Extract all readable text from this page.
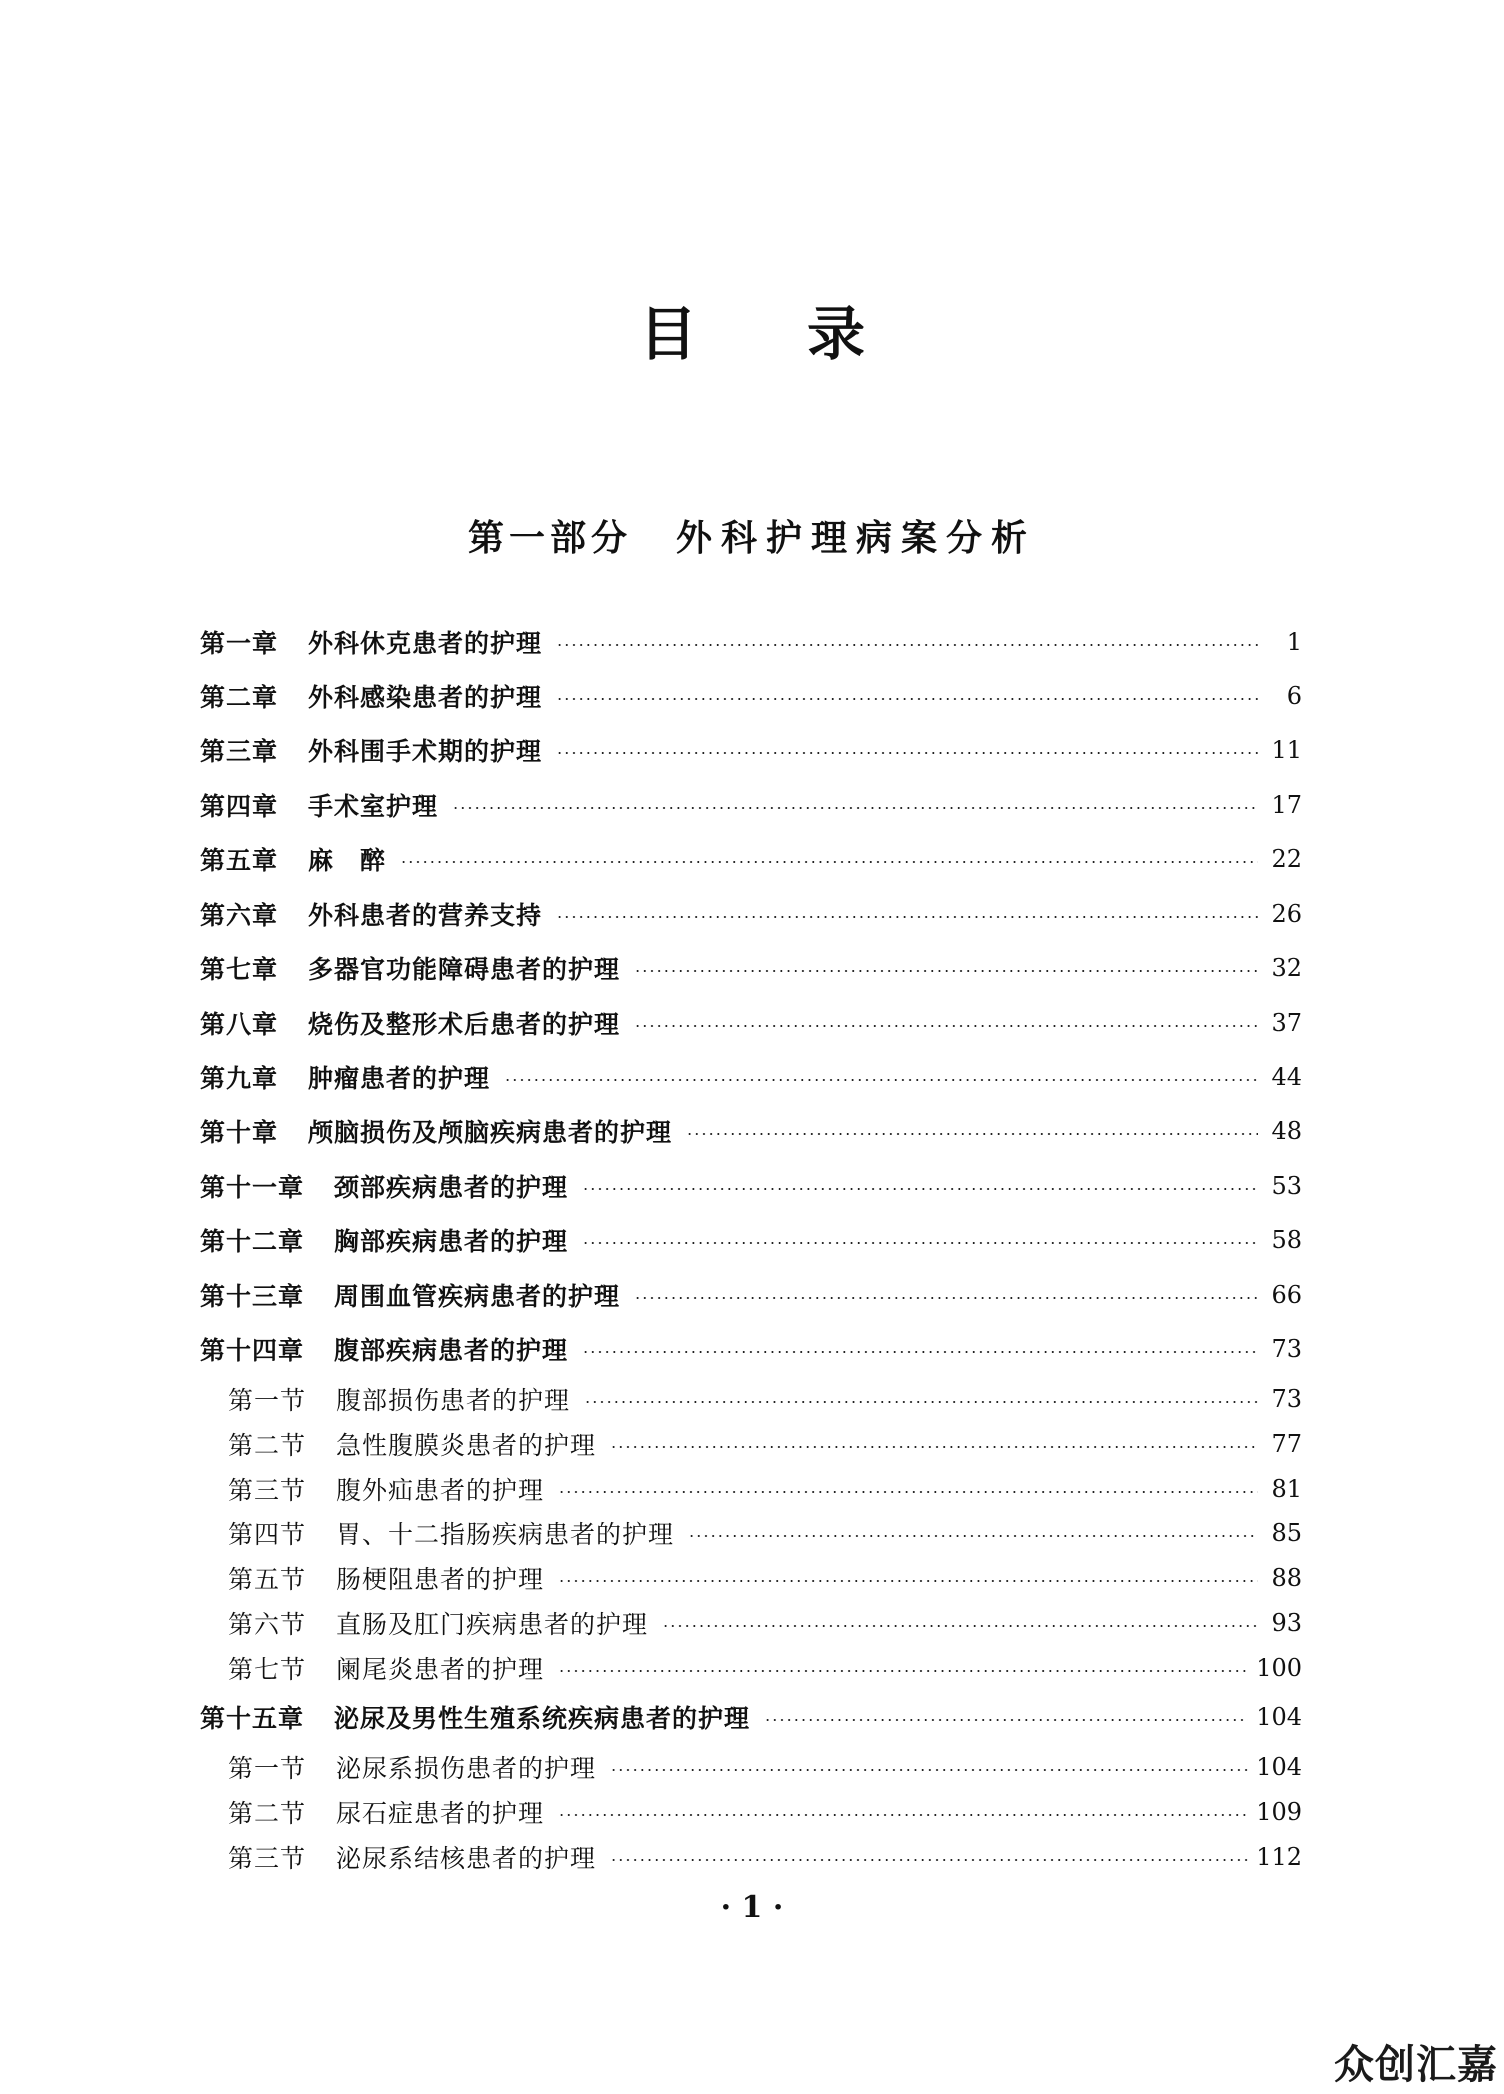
目 录
第一部分 外科护理病案分析
第一章 外科休克患者的护理	1
第二章 外科感染患者的护理	6
第三章 外科围手术期的护理	11
第四章 手术室护理	17
第五章 麻　醉	22
第六章 外科患者的营养支持	26
第七章 多器官功能障碍患者的护理	32
第八章 烧伤及整形术后患者的护理	37
第九章 肿瘤患者的护理	44
第十章 颅脑损伤及颅脑疾病患者的护理	48
第十一章 颈部疾病患者的护理	53
第十二章 胸部疾病患者的护理	58
第十三章 周围血管疾病患者的护理	66
第十四章 腹部疾病患者的护理	73
第一节 腹部损伤患者的护理	73
第二节 急性腹膜炎患者的护理	77
第三节 腹外疝患者的护理	81
第四节 胃、十二指肠疾病患者的护理	85
第五节 肠梗阻患者的护理	88
第六节 直肠及肛门疾病患者的护理	93
第七节 阑尾炎患者的护理	100
第十五章 泌尿及男性生殖系统疾病患者的护理	104
第一节 泌尿系损伤患者的护理	104
第二节 尿石症患者的护理	109
第三节 泌尿系结核患者的护理	112
· 1 ·
众创汇嘉
